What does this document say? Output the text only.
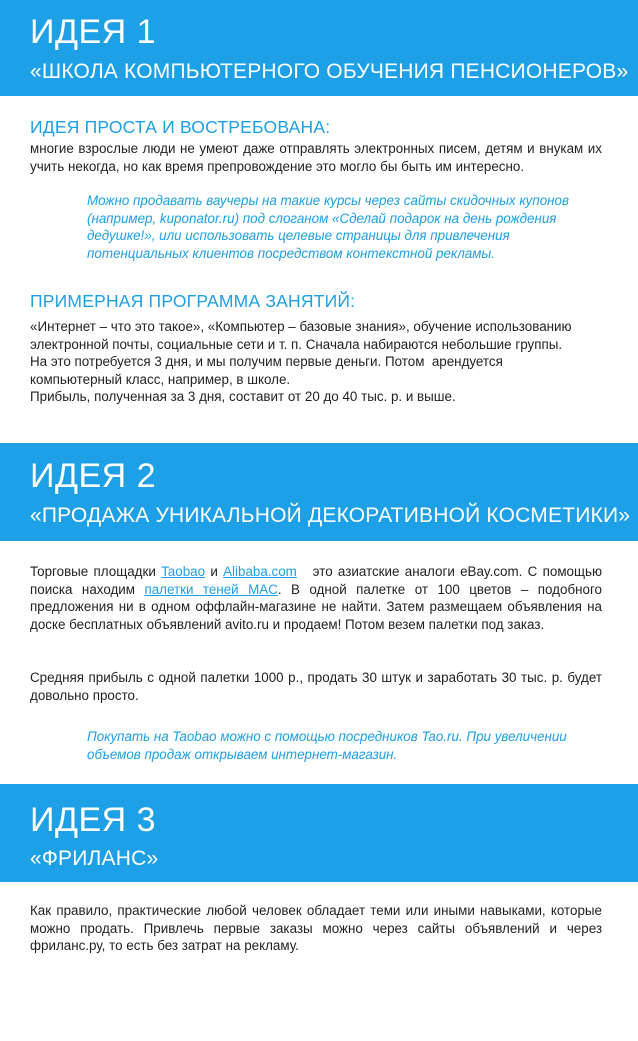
ИДЕЯ 1
«ШКОЛА КОМПЬЮТЕРНОГО ОБУЧЕНИЯ ПЕНСИОНЕРОВ»
ИДЕЯ ПРОСТА И ВОСТРЕБОВАНА:

многие взрослые люди не умеют даже отправлять электронных писем, детям и внукам их учить некогда, но как время препровождение это могло бы быть им интересно.

Можно продавать ваучеры на такие курсы через сайты скидочных купонов
(например, kuponator.ru) под слоганом «Сделай подарок на день рождения
дедушке!», или использовать целевые страницы для привлечения
потенциальных клиентов посредством контекстной рекламы.
ПРИМЕРНАЯ ПРОГРАММА ЗАНЯТИЙ:
«Интернет – что это такое», «Компьютер – базовые знания», обучение использованию
электронной почты, социальные сети и т. п. Сначала набираются небольшие группы.
На это потребуется 3 дня, и мы получим первые деньги. Потом  арендуется
компьютерный класс, например, в школе.
Прибыль, полученная за 3 дня, составит от 20 до 40 тыс. р. и выше.
ИДЕЯ 2
«ПРОДАЖА УНИКАЛЬНОЙ ДЕКОРАТИВНОЙ КОСМЕТИКИ»

Торговые площадки Taobao и Alibaba.com   это азиатские аналоги eBay.com. С помощью поиска находим палетки теней MAC. В одной палетке от 100 цветов – подобного предложения ни в одном оффлайн-магазине не найти. Затем размещаем объявления на доске бесплатных объявлений avito.ru и продаем! Потом везем палетки под заказ.

Средняя прибыль с одной палетки 1000 р., продать 30 штук и заработать 30 тыс. р. будет довольно просто.

Покупать на Taobao можно с помощью посредников Tao.ru. При увеличении
объемов продаж открываем интернет-магазин.
ИДЕЯ 3
«ФРИЛАНС»

Как правило, практические любой человек обладает теми или иными навыками, которые можно продать. Привлечь первые заказы можно через сайты объявлений и через фриланс.ру, то есть без затрат на рекламу.
